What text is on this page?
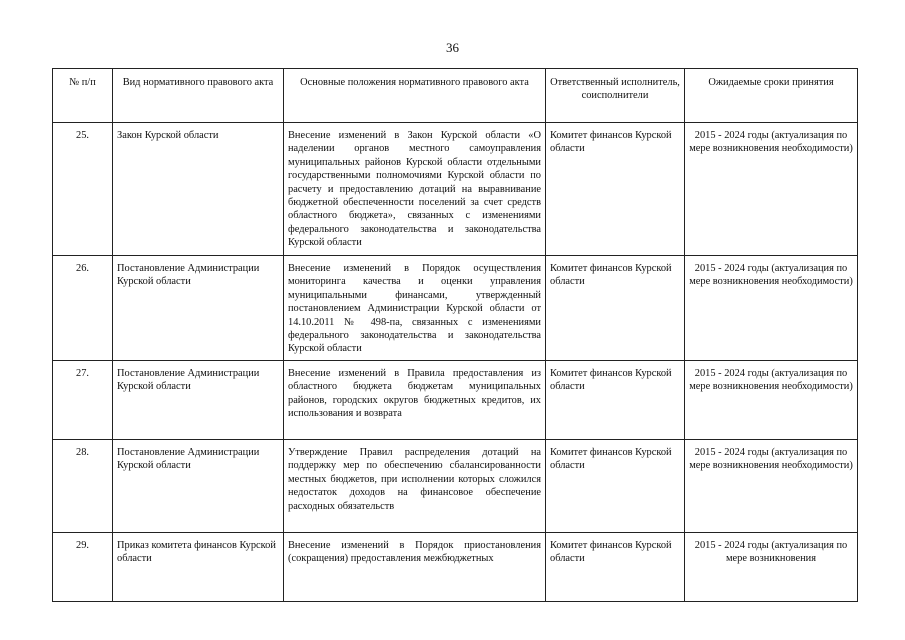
36
№ п/п	Вид нормативного правового акта	Основные положения нормативного правового акта	Ответственный исполнитель, соисполнители	Ожидаемые сроки принятия
25.	Закон Курской области	Внесение изменений в Закон Курской области «О наделении органов местного самоуправления муниципальных районов Курской области отдельными государственными полномочиями Курской области по расчету и предоставлению дотаций на выравнивание бюджетной обеспеченности поселений за счет средств областного бюджета», связанных с изменениями федерального законодательства и законодательства Курской области	Комитет финансов Курской области	2015 - 2024 годы (актуализация по мере возникновения необходимости)
26.	Постановление Администрации Курской области	Внесение изменений в Порядок осуществления мониторинга качества и оценки управления муниципальными финансами, утвержденный постановлением Администрации Курской области от 14.10.2011 № 498-па, связанных с изменениями федерального законодательства и законодательства Курской области	Комитет финансов Курской области	2015 - 2024 годы (актуализация по мере возникновения необходимости)
27.	Постановление Администрации Курской области	Внесение изменений в Правила предоставления из областного бюджета бюджетам муниципальных районов, городских округов бюджетных кредитов, их использования и возврата	Комитет финансов Курской области	2015 - 2024 годы (актуализация по мере возникновения необходимости)
28.	Постановление Администрации Курской области	Утверждение Правил распределения дотаций на поддержку мер по обеспечению сбалансированности местных бюджетов, при исполнении которых сложился недостаток доходов на финансовое обеспечение расходных обязательств	Комитет финансов Курской области	2015 - 2024 годы (актуализация по мере возникновения необходимости)
29.	Приказ комитета финансов Курской области	Внесение изменений в Порядок приостановления (сокращения) предоставления межбюджетных	Комитет финансов Курской области	2015 - 2024 годы (актуализация по мере возникновения
